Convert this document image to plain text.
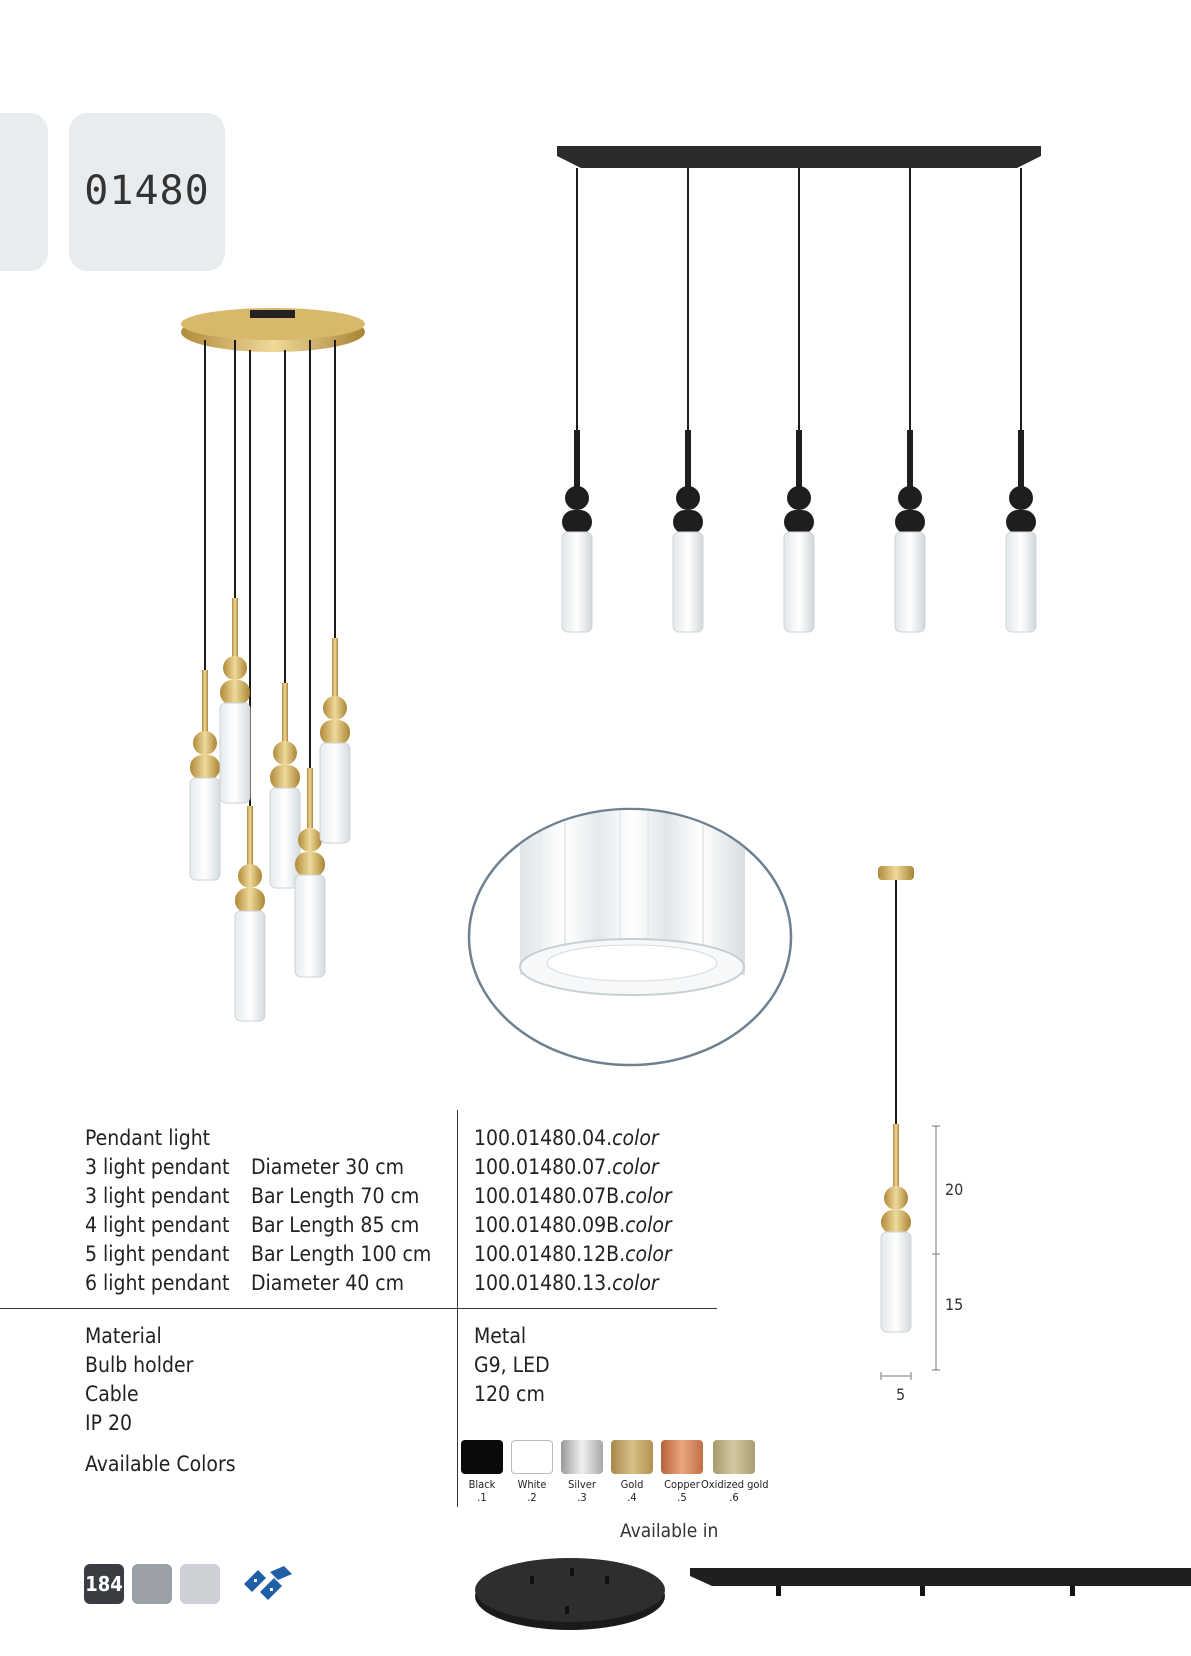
01480
20
15
5
Pendant light
3 light pendant
3 light pendant
4 light pendant
5 light pendant
6 light pendant
Diameter 30 cm
Bar Length 70 cm
Bar Length 85 cm
Bar Length 100 cm
Diameter 40 cm
100.01480.04.color
100.01480.07.color
100.01480.07B.color
100.01480.09B.color
100.01480.12B.color
100.01480.13.color
Material
Bulb holder
Cable
IP 20
Metal
G9, LED
120 cm
Available Colors
Black
.1
White
.2
Silver
.3
Gold
.4
Copper
.5
Oxidized gold
.6
184
Available in
